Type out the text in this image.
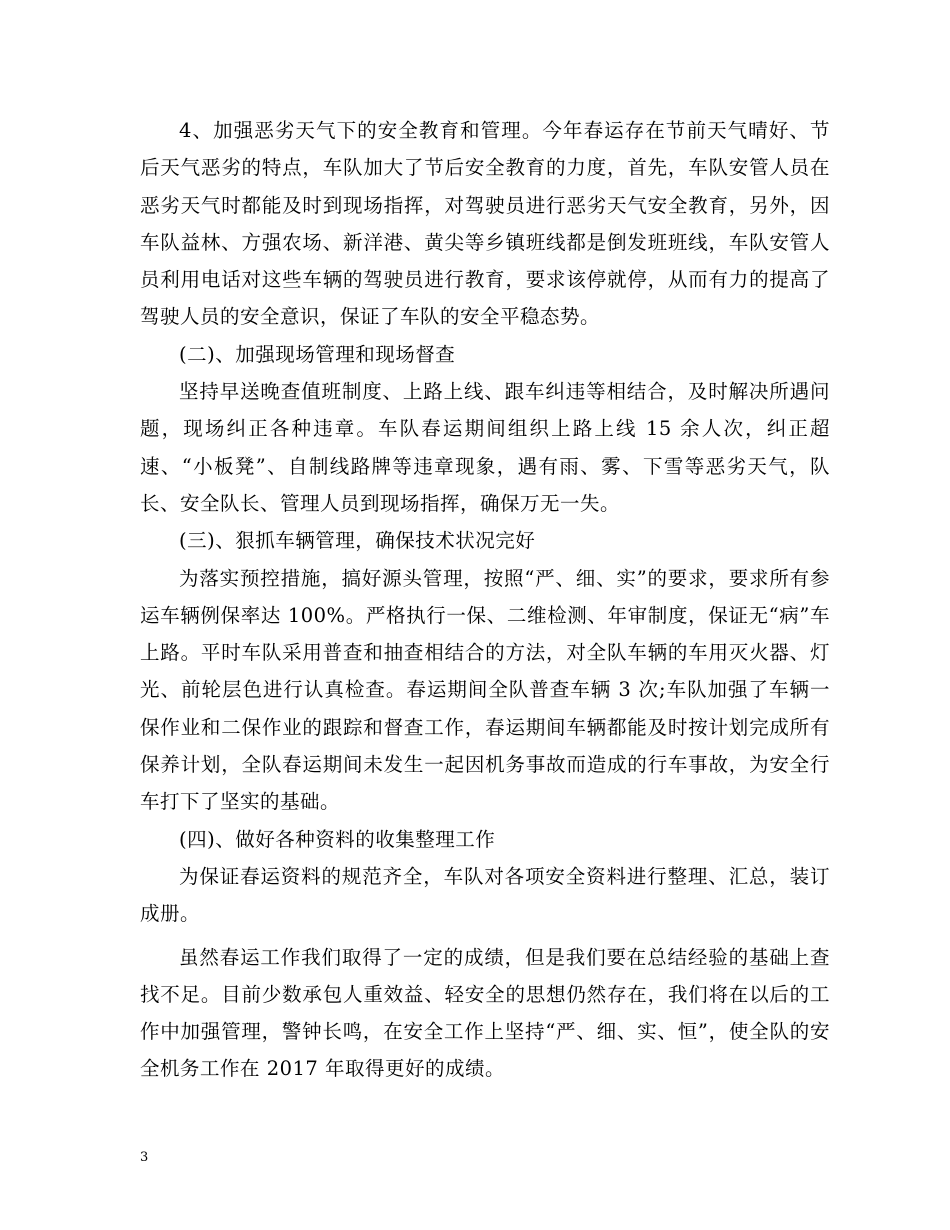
4、加强恶劣天气下的安全教育和管理。今年春运存在节前天气晴好、节后天气恶劣的特点，车队加大了节后安全教育的力度，首先，车队安管人员在恶劣天气时都能及时到现场指挥，对驾驶员进行恶劣天气安全教育，另外，因车队益林、方强农场、新洋港、黄尖等乡镇班线都是倒发班班线，车队安管人员利用电话对这些车辆的驾驶员进行教育，要求该停就停，从而有力的提高了驾驶人员的安全意识，保证了车队的安全平稳态势。

(二)、加强现场管理和现场督查

坚持早送晚查值班制度、上路上线、跟车纠违等相结合，及时解决所遇问题，现场纠正各种违章。车队春运期间组织上路上线 15 余人次，纠正超速、“小板凳”、自制线路牌等违章现象，遇有雨、雾、下雪等恶劣天气，队长、安全队长、管理人员到现场指挥，确保万无一失。

(三)、狠抓车辆管理，确保技术状况完好

为落实预控措施，搞好源头管理，按照“严、细、实”的要求，要求所有参运车辆例保率达 100%。严格执行一保、二维检测、年审制度，保证无“病”车上路。平时车队采用普查和抽查相结合的方法，对全队车辆的车用灭火器、灯光、前轮层色进行认真检查。春运期间全队普查车辆 3 次;车队加强了车辆一保作业和二保作业的跟踪和督查工作，春运期间车辆都能及时按计划完成所有保养计划，全队春运期间未发生一起因机务事故而造成的行车事故，为安全行车打下了坚实的基础。

(四)、做好各种资料的收集整理工作

为保证春运资料的规范齐全，车队对各项安全资料进行整理、汇总，装订成册。

虽然春运工作我们取得了一定的成绩，但是我们要在总结经验的基础上查找不足。目前少数承包人重效益、轻安全的思想仍然存在，我们将在以后的工作中加强管理，警钟长鸣，在安全工作上坚持“严、细、实、恒”，使全队的安全机务工作在 2017 年取得更好的成绩。

3
